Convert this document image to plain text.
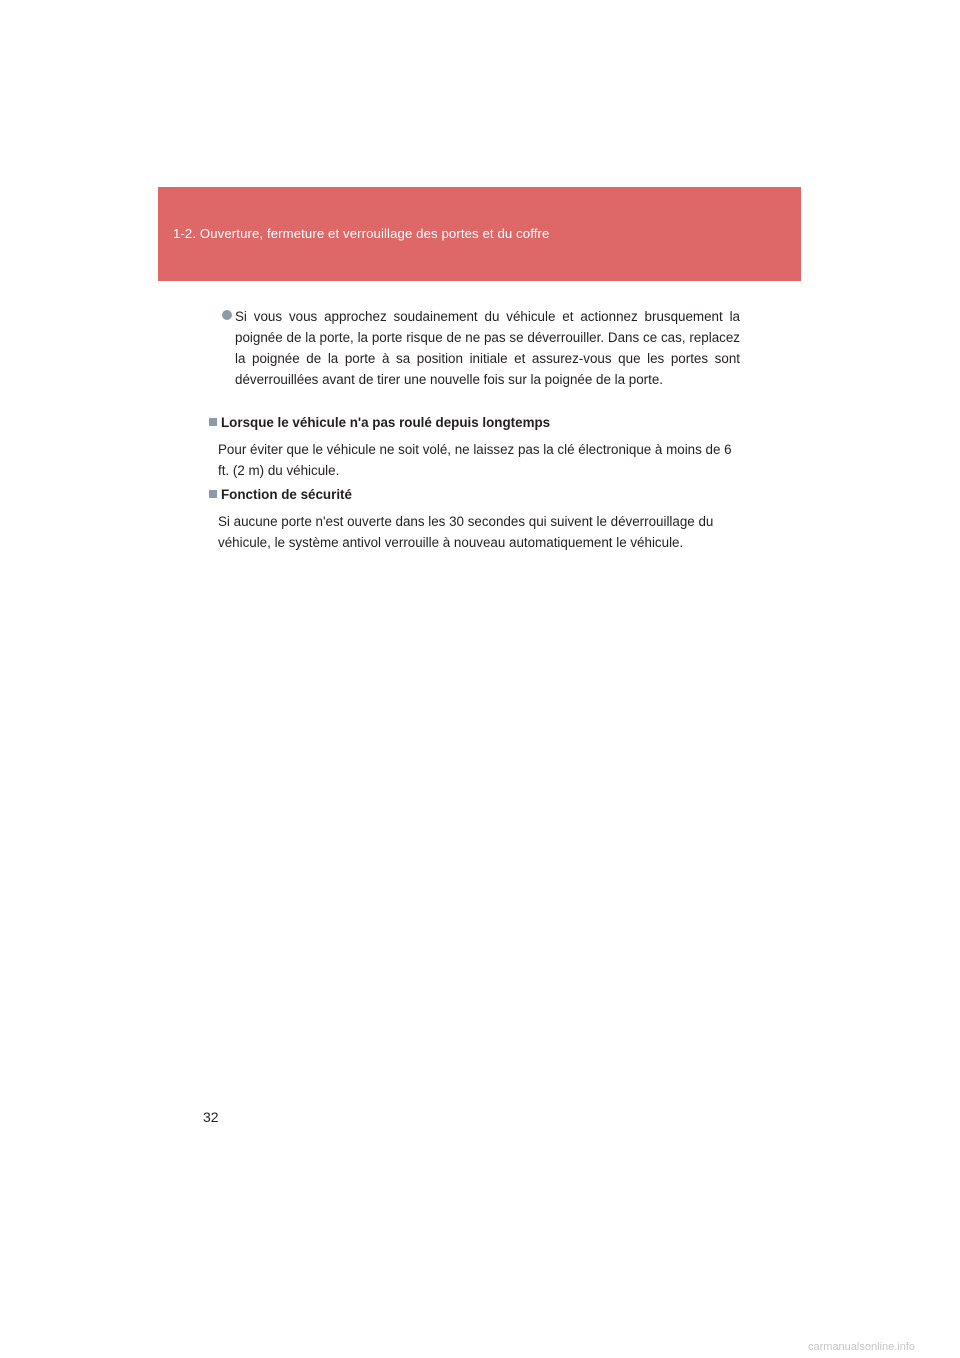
1-2. Ouverture, fermeture et verrouillage des portes et du coffre
Si vous vous approchez soudainement du véhicule et actionnez brusquement la poignée de la porte, la porte risque de ne pas se déverrouiller. Dans ce cas, replacez la poignée de la porte à sa position initiale et assurez-vous que les portes sont déverrouillées avant de tirer une nouvelle fois sur la poignée de la porte.
Lorsque le véhicule n'a pas roulé depuis longtemps
Pour éviter que le véhicule ne soit volé, ne laissez pas la clé électronique à moins de 6 ft. (2 m) du véhicule.
Fonction de sécurité
Si aucune porte n'est ouverte dans les 30 secondes qui suivent le déverrouillage du véhicule, le système antivol verrouille à nouveau automatiquement le véhicule.
32
carmanualsonline.info
